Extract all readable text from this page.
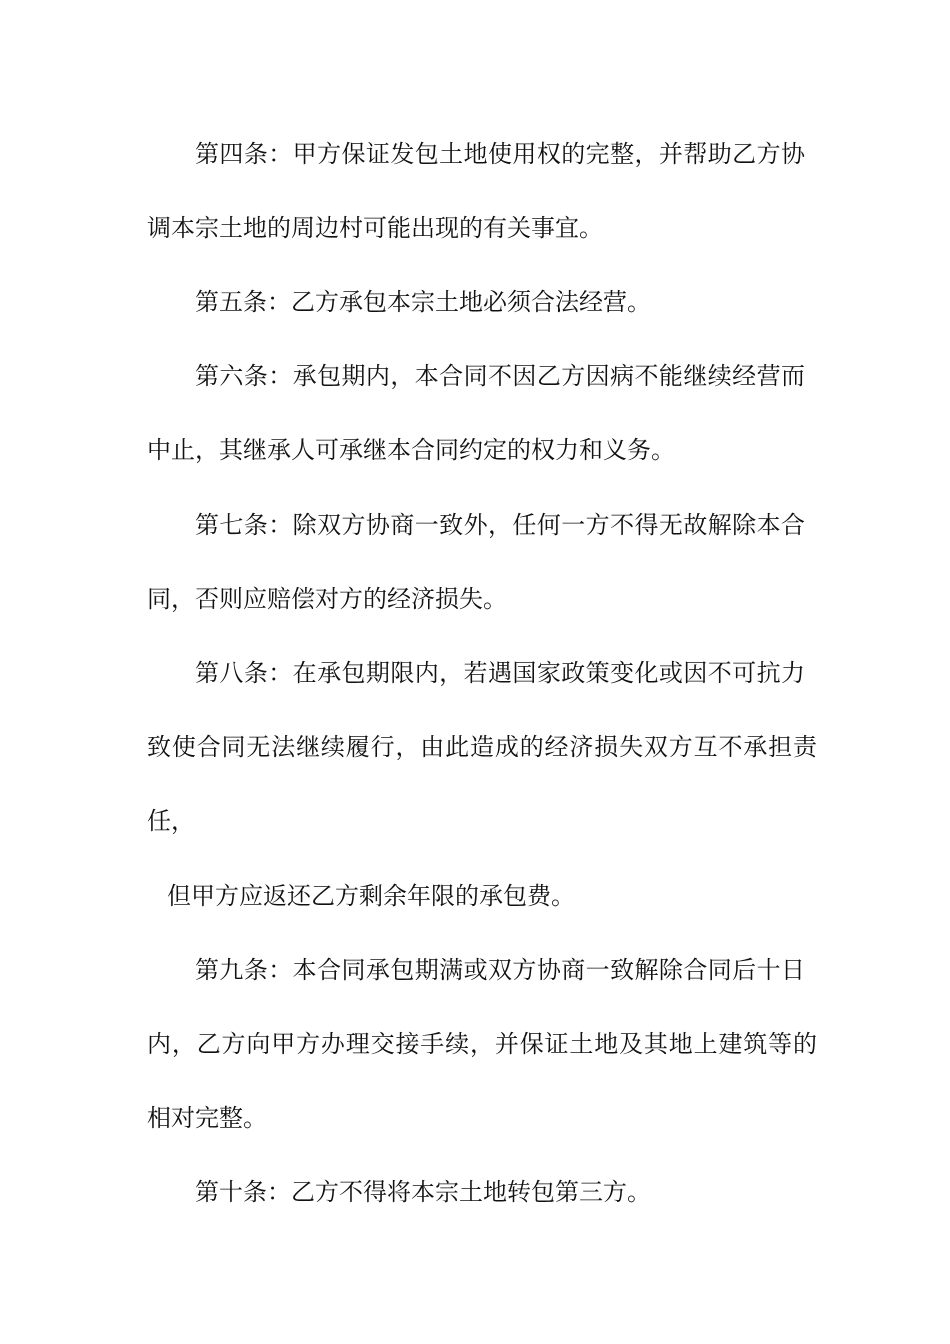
第四条：甲方保证发包土地使用权的完整，并帮助乙方协
调本宗土地的周边村可能出现的有关事宜。
第五条：乙方承包本宗土地必须合法经营。
第六条：承包期内，本合同不因乙方因病不能继续经营而
中止，其继承人可承继本合同约定的权力和义务。
第七条：除双方协商一致外，任何一方不得无故解除本合
同，否则应赔偿对方的经济损失。
第八条：在承包期限内，若遇国家政策变化或因不可抗力
致使合同无法继续履行，由此造成的经济损失双方互不承担责
任，
但甲方应返还乙方剩余年限的承包费。
第九条：本合同承包期满或双方协商一致解除合同后十日
内，乙方向甲方办理交接手续，并保证土地及其地上建筑等的
相对完整。
第十条：乙方不得将本宗土地转包第三方。
